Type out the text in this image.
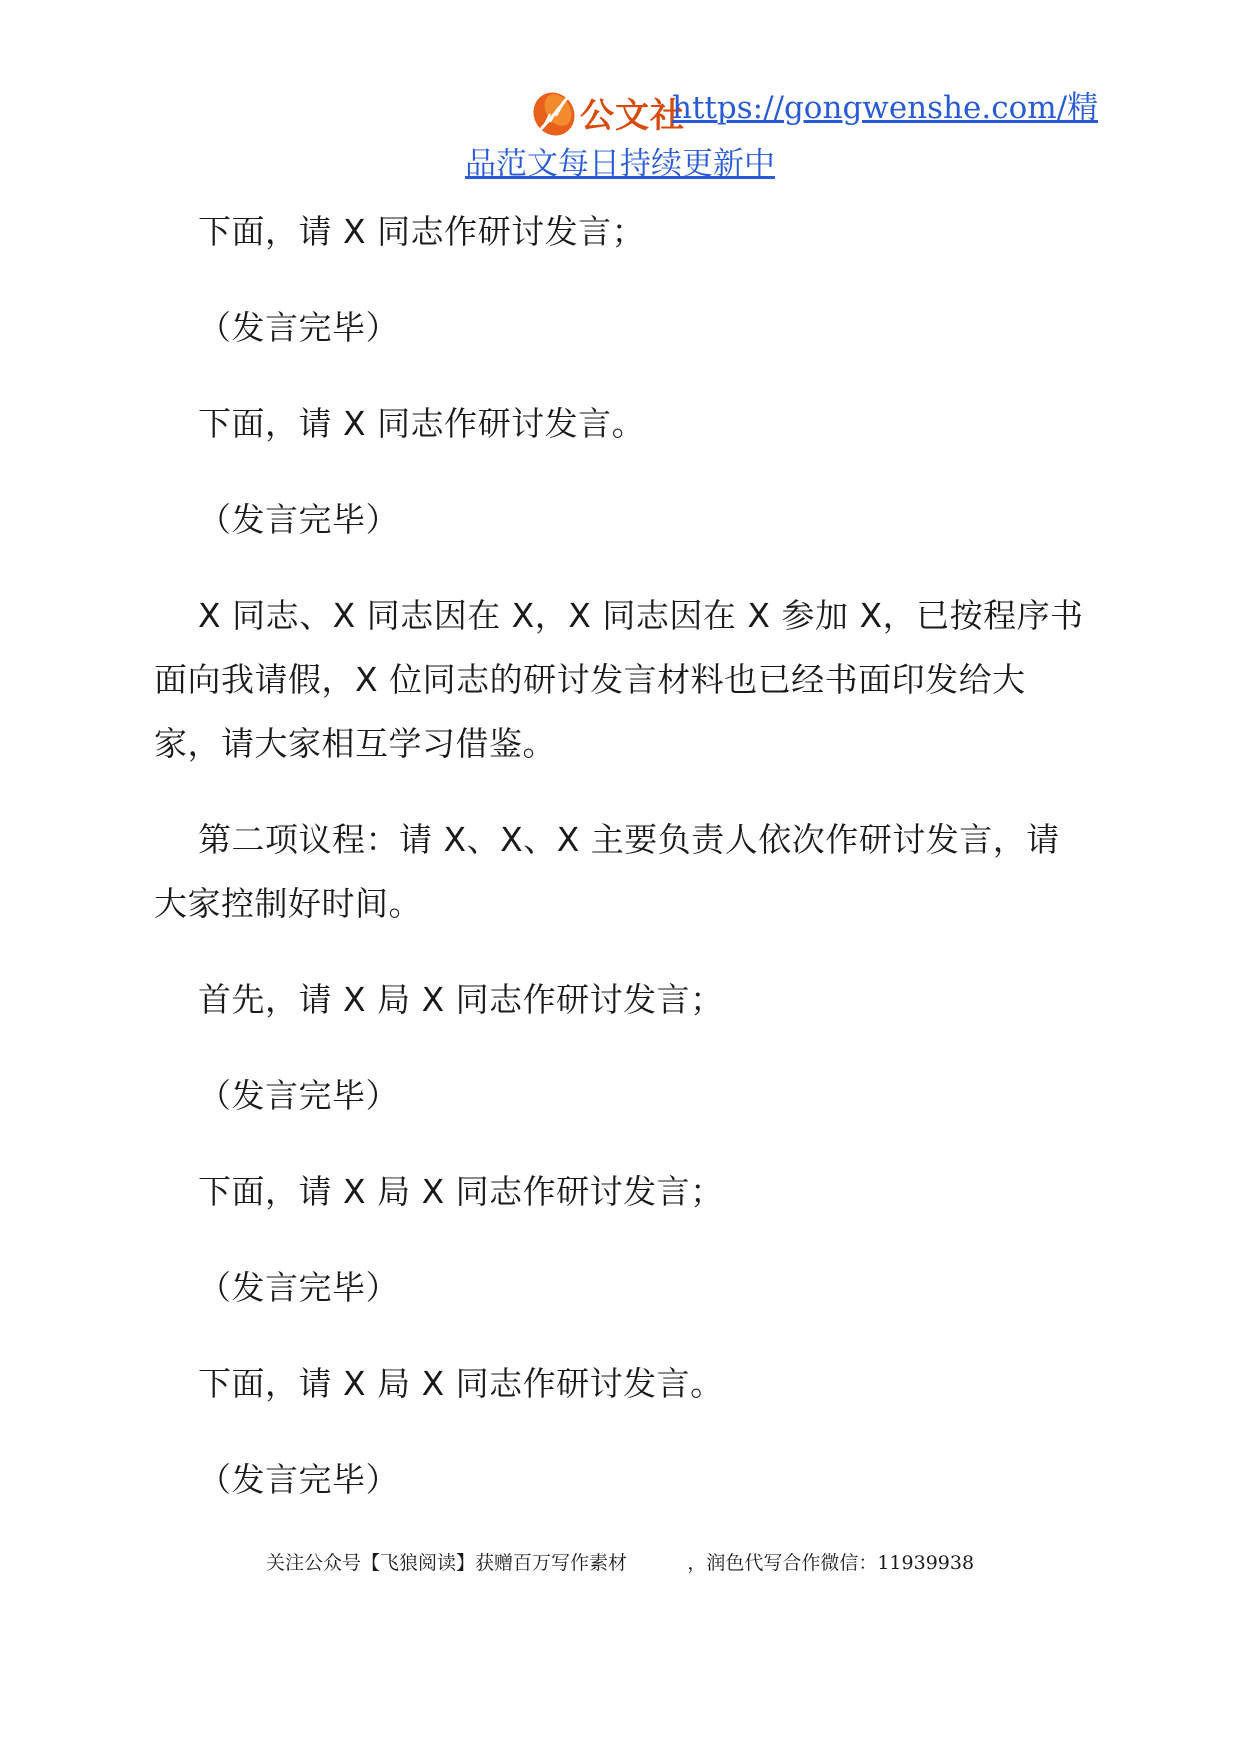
公文社
https://gongwenshe.com/精
品范文每日持续更新中

下面，请 X 同志作研讨发言；

（发言完毕）

下面，请 X 同志作研讨发言。

（发言完毕）

X 同志、X 同志因在 X，X 同志因在 X 参加 X，已按程序书面向我请假，X 位同志的研讨发言材料也已经书面印发给大家，请大家相互学习借鉴。

第二项议程：请 X、X、X 主要负责人依次作研讨发言，请大家控制好时间。

首先，请 X 局 X 同志作研讨发言；

（发言完毕）

下面，请 X 局 X 同志作研讨发言；

（发言完毕）

下面，请 X 局 X 同志作研讨发言。

（发言完毕）

关注公众号【飞狼阅读】获赠百万写作素材          ，润色代写合作微信：11939938
